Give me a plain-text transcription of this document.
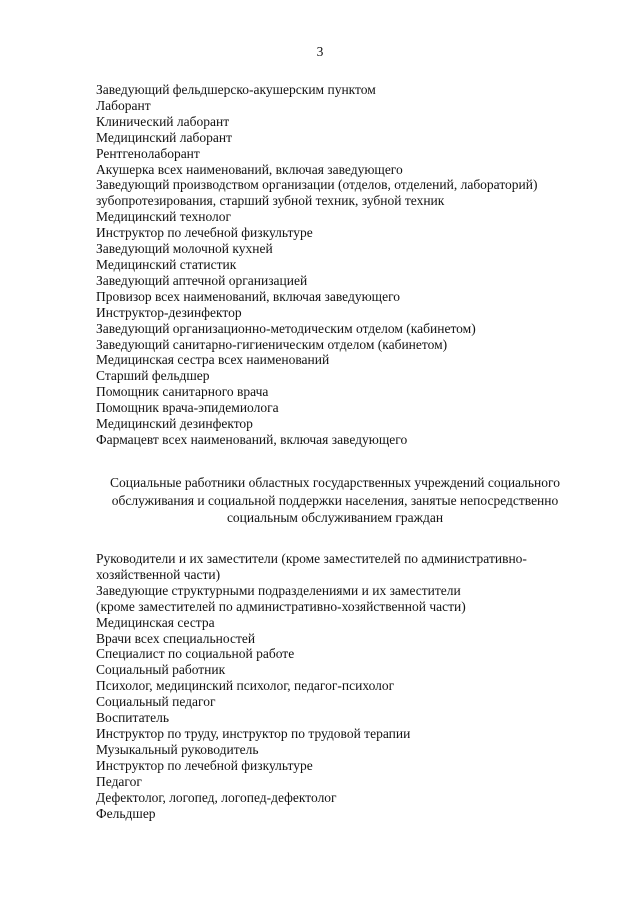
3
Заведующий фельдшерско-акушерским пунктом
Лаборант
Клинический лаборант
Медицинский лаборант
Рентгенолаборант
Акушерка всех наименований, включая заведующего
Заведующий производством организации (отделов, отделений, лабораторий)
зубопротезирования, старший зубной техник, зубной техник
Медицинский технолог
Инструктор по лечебной физкультуре
Заведующий молочной кухней
Медицинский статистик
Заведующий аптечной организацией
Провизор всех наименований, включая заведующего
Инструктор-дезинфектор
Заведующий организационно-методическим отделом (кабинетом)
Заведующий санитарно-гигиеническим отделом (кабинетом)
Медицинская сестра всех наименований
Старший фельдшер
Помощник санитарного врача
Помощник врача-эпидемиолога
Медицинский дезинфектор
Фармацевт всех наименований, включая заведующего
Социальные работники областных государственных учреждений социального
обслуживания и социальной поддержки населения, занятые непосредственно
социальным обслуживанием граждан
Руководители и их заместители (кроме заместителей по административно-
хозяйственной части)
Заведующие структурными подразделениями и их заместители
(кроме заместителей по административно-хозяйственной части)
Медицинская сестра
Врачи всех специальностей
Специалист по социальной работе
Социальный работник
Психолог, медицинский психолог, педагог-психолог
Социальный педагог
Воспитатель
Инструктор по труду, инструктор по трудовой терапии
Музыкальный руководитель
Инструктор по лечебной физкультуре
Педагог
Дефектолог, логопед, логопед-дефектолог
Фельдшер
